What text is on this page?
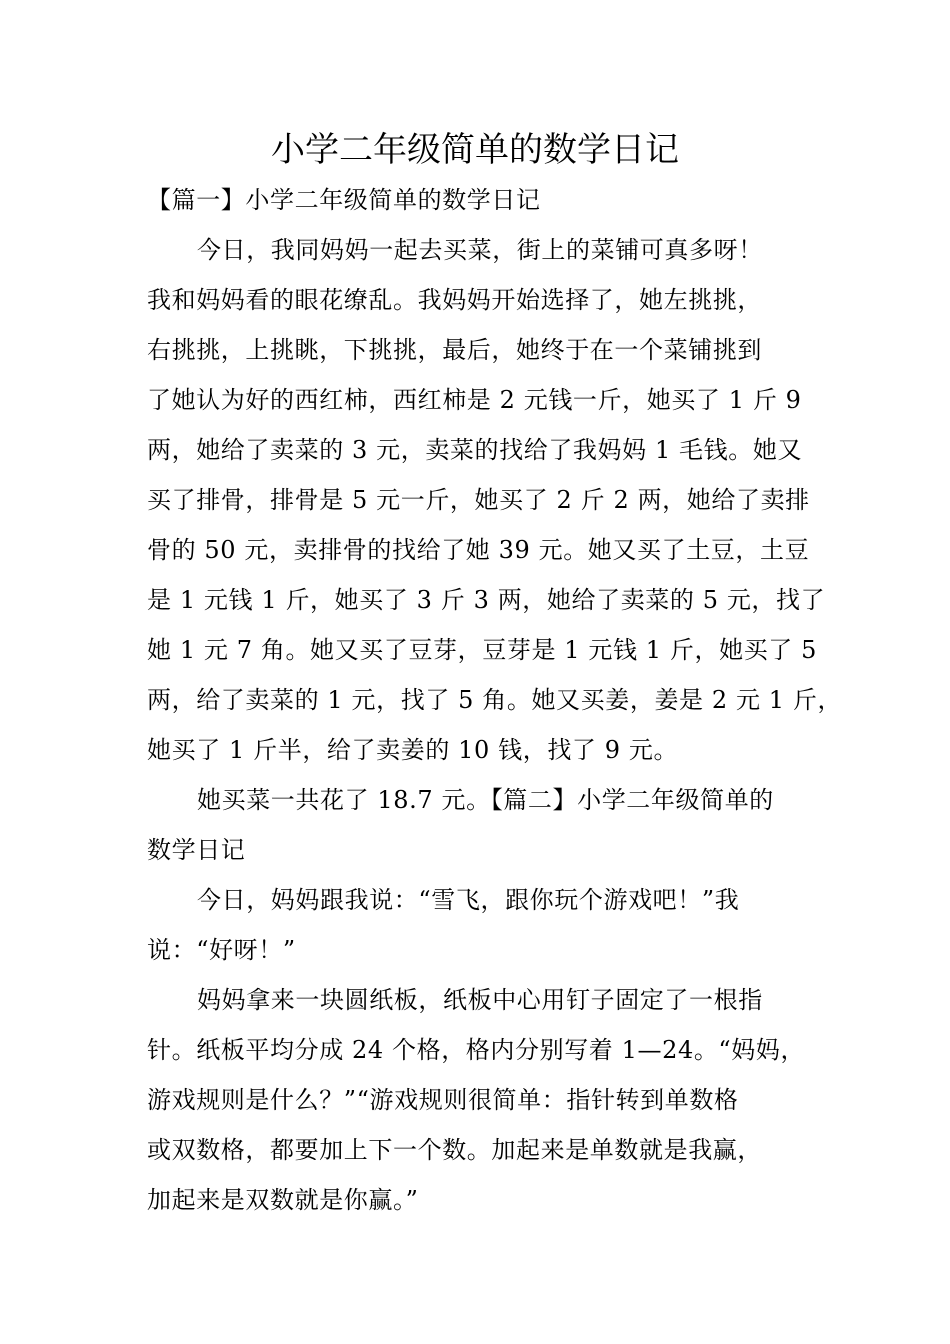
小学二年级简单的数学日记
【篇一】小学二年级简单的数学日记
今日，我同妈妈一起去买菜，街上的菜铺可真多呀！
我和妈妈看的眼花缭乱。我妈妈开始选择了，她左挑挑，
右挑挑，上挑眺，下挑挑，最后，她终于在一个菜铺挑到
了她认为好的西红柿，西红柿是 2 元钱一斤，她买了 1 斤 9
两，她给了卖菜的 3 元，卖菜的找给了我妈妈 1 毛钱。她又
买了排骨，排骨是 5 元一斤，她买了 2 斤 2 两，她给了卖排
骨的 50 元，卖排骨的找给了她 39 元。她又买了土豆，土豆
是 1 元钱 1 斤，她买了 3 斤 3 两，她给了卖菜的 5 元，找了
她 1 元 7 角。她又买了豆芽，豆芽是 1 元钱 1 斤，她买了 5
两，给了卖菜的 1 元，找了 5 角。她又买姜，姜是 2 元 1 斤，
她买了 1 斤半，给了卖姜的 10 钱，找了 9 元。
她买菜一共花了 18.7 元。【篇二】小学二年级简单的
数学日记
今日，妈妈跟我说：“雪飞，跟你玩个游戏吧！”我
说：“好呀！”
妈妈拿来一块圆纸板，纸板中心用钉子固定了一根指
针。纸板平均分成 24 个格，格内分别写着 1—24。“妈妈，
游戏规则是什么？”“游戏规则很简单：指针转到单数格
或双数格，都要加上下一个数。加起来是单数就是我赢，
加起来是双数就是你赢。”
